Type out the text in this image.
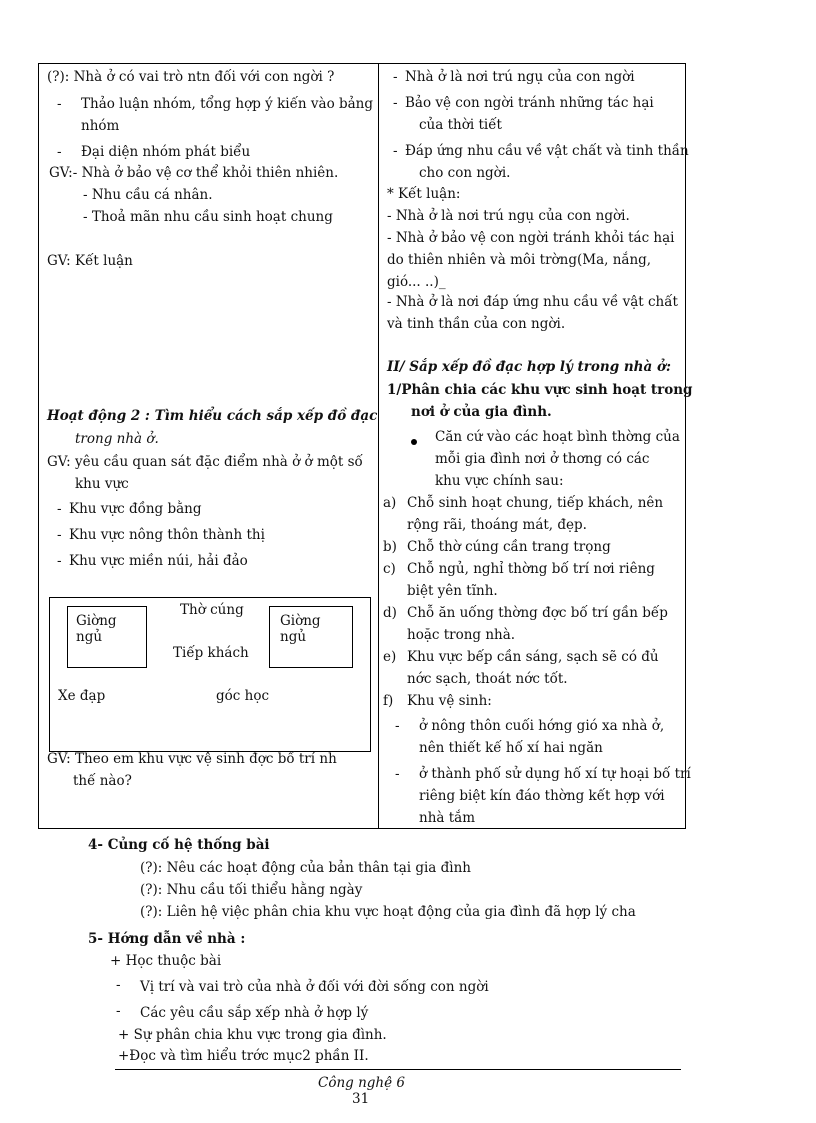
(?): Nhà ở có vai trò ntn đối với con ngời ?
- Thảo luận nhóm, tổng hợp ý kiến vào bảng
nhóm
- Đại diện nhóm phát biểu
GV:- Nhà ở bảo vệ cơ thể khỏi thiên nhiên.
- Nhu cầu cá nhân.
- Thoả mãn nhu cầu sinh hoạt chung
GV: Kết luận
Hoạt động 2 : Tìm hiểu cách sắp xếp đồ đạc
trong nhà ở.
GV: yêu cầu quan sát đặc điểm nhà ở ở một số
khu vực
- Khu vực đồng bằng
- Khu vực nông thôn thành thị
- Khu vực miền núi, hải đảo
Giờng
ngủ
Thờ cúng
Giờng
ngủ
Tiếp khách
Xe đạp	góc học
GV: Theo em khu vực vệ sinh đợc bố trí nh
thế nào?
- Nhà ở là nơi trú ngụ của con ngời
- Bảo vệ con ngời tránh những tác hại
của thời tiết
- Đáp ứng nhu cầu về vật chất và tinh thần
cho con ngời.
* Kết luận:
- Nhà ở là nơi trú ngụ của con ngời.
- Nhà ở bảo vệ con ngời tránh khỏi tác hại
do thiên nhiên và môi trờng(Ma, nắng,
gió... ..)_
- Nhà ở là nơi đáp ứng nhu cầu về vật chất
và tinh thần của con ngời.
II/ Sắp xếp đồ đạc hợp lý trong nhà ở:
1/Phân chia các khu vực sinh hoạt trong
nơi ở của gia đình.
Căn cứ vào các hoạt bình thờng của
mỗi gia đình nơi ở thơng có các
khu vực chính sau:
a) Chỗ sinh hoạt chung, tiếp khách, nên
rộng rãi, thoáng mát, đẹp.
b) Chỗ thờ cúng cần trang trọng
c) Chỗ ngủ, nghỉ thờng bố trí nơi riêng
biệt yên tĩnh.
d) Chỗ ăn uống thờng đợc bố trí gần bếp
hoặc trong nhà.
e) Khu vực bếp cần sáng, sạch sẽ có đủ
nớc sạch, thoát nớc tốt.
f) Khu vệ sinh:
- ở nông thôn cuối hớng gió xa nhà ở,
nên thiết kế hố xí hai ngăn
- ở thành phố sử dụng hố xí tự hoại bố trí
riêng biệt kín đáo thờng kết hợp với
nhà tắm
4- Củng cố hệ thống bài
(?): Nêu các hoạt động của bản thân tại gia đình
(?): Nhu cầu tối thiểu hằng ngày
(?): Liên hệ việc phân chia khu vực hoạt động của gia đình đã hợp lý cha
5- Hớng dẫn về nhà :
+ Học thuộc bài
- Vị trí và vai trò của nhà ở đối với đời sống con ngời
- Các yêu cầu sắp xếp nhà ở hợp lý
+ Sự phân chia khu vực trong gia đình.
+Đọc và tìm hiểu trớc mục2 phần II.
Công nghệ 6
31
